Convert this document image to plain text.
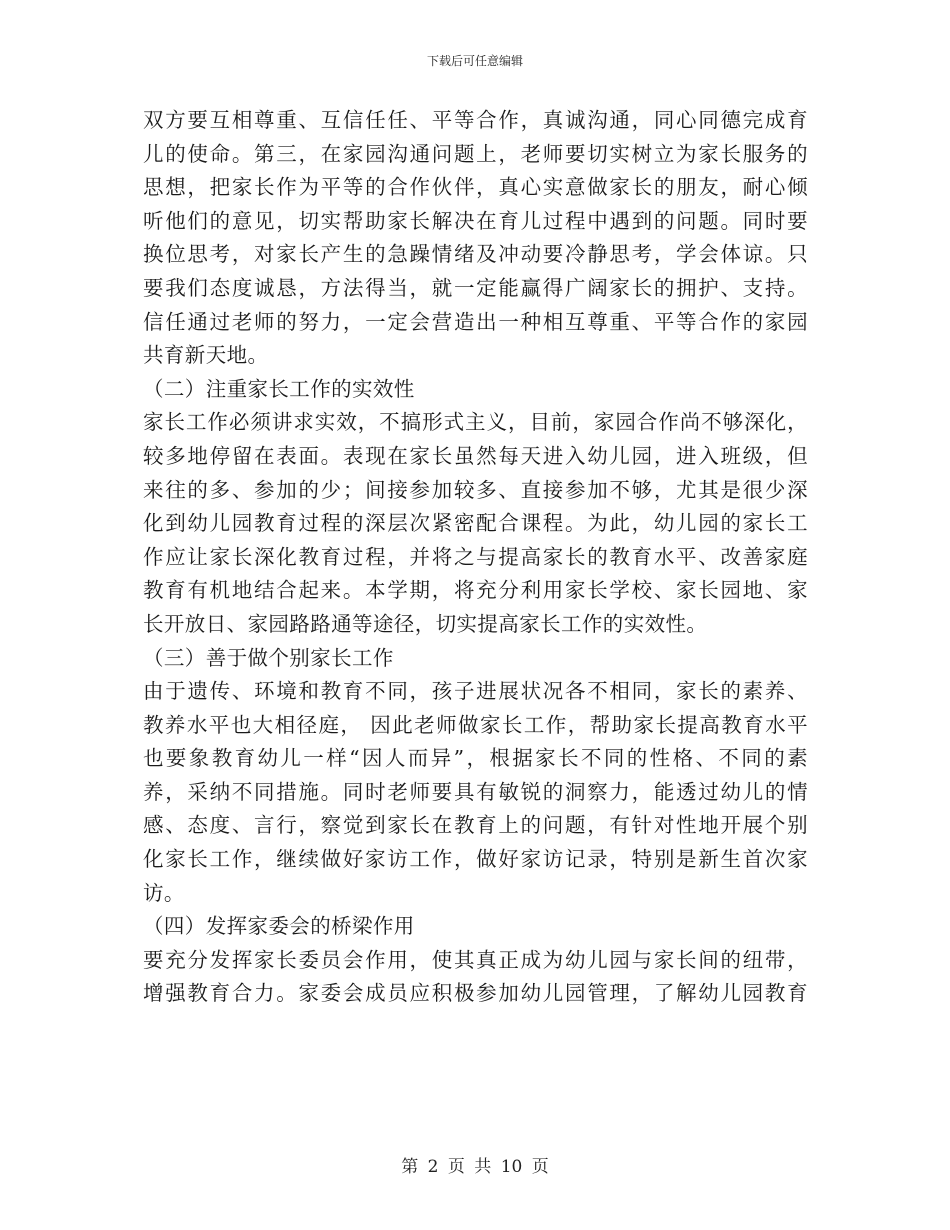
下载后可任意编辑
双方要互相尊重、互信任任、平等合作，真诚沟通，同心同德完成育
儿的使命。第三，在家园沟通问题上，老师要切实树立为家长服务的
思想，把家长作为平等的合作伙伴，真心实意做家长的朋友，耐心倾
听他们的意见，切实帮助家长解决在育儿过程中遇到的问题。同时要
换位思考，对家长产生的急躁情绪及冲动要冷静思考，学会体谅。只
要我们态度诚恳，方法得当，就一定能赢得广阔家长的拥护、支持。
信任通过老师的努力，一定会营造出一种相互尊重、平等合作的家园
共育新天地。
（二）注重家长工作的实效性
家长工作必须讲求实效，不搞形式主义，目前，家园合作尚不够深化，
较多地停留在表面。表现在家长虽然每天进入幼儿园，进入班级，但
来往的多、参加的少；间接参加较多、直接参加不够，尤其是很少深
化到幼儿园教育过程的深层次紧密配合课程。为此，幼儿园的家长工
作应让家长深化教育过程，并将之与提高家长的教育水平、改善家庭
教育有机地结合起来。本学期，将充分利用家长学校、家长园地、家
长开放日、家园路路通等途径，切实提高家长工作的实效性。
（三）善于做个别家长工作
由于遗传、环境和教育不同，孩子进展状况各不相同，家长的素养、
教养水平也大相径庭， 因此老师做家长工作，帮助家长提高教育水平
也要象教育幼儿一样“因人而异”，根据家长不同的性格、不同的素
养，采纳不同措施。同时老师要具有敏锐的洞察力，能透过幼儿的情
感、态度、言行，察觉到家长在教育上的问题，有针对性地开展个别
化家长工作，继续做好家访工作，做好家访记录，特别是新生首次家
访。
（四）发挥家委会的桥梁作用
要充分发挥家长委员会作用，使其真正成为幼儿园与家长间的纽带，
增强教育合力。家委会成员应积极参加幼儿园管理，了解幼儿园教育
第 2 页 共 10 页
